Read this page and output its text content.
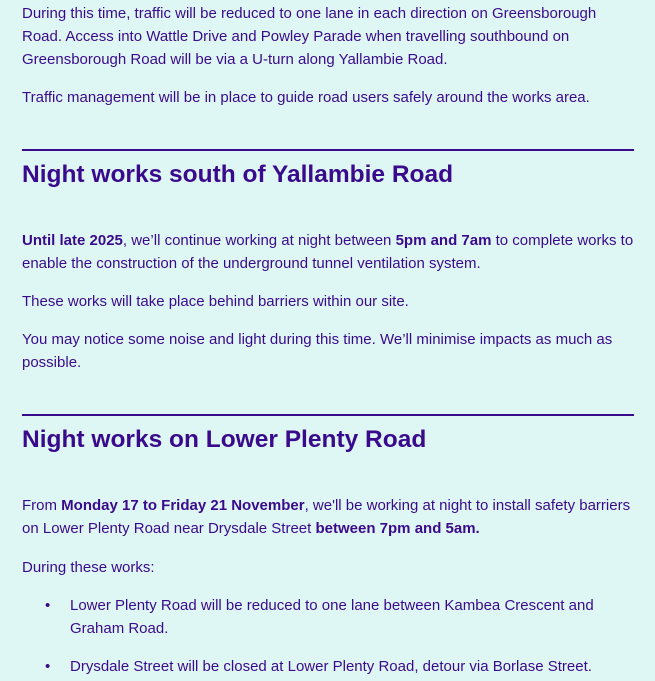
During this time, traffic will be reduced to one lane in each direction on Greensborough Road. Access into Wattle Drive and Powley Parade when travelling southbound on Greensborough Road will be via a U-turn along Yallambie Road.

Traffic management will be in place to guide road users safely around the works area.

Night works south of Yallambie Road

Until late 2025, we’ll continue working at night between 5pm and 7am to complete works to enable the construction of the underground tunnel ventilation system.

These works will take place behind barriers within our site.

You may notice some noise and light during this time. We’ll minimise impacts as much as possible.

Night works on Lower Plenty Road

From Monday 17 to Friday 21 November, we'll be working at night to install safety barriers on Lower Plenty Road near Drysdale Street between 7pm and 5am.

During these works:

• Lower Plenty Road will be reduced to one lane between Kambea Crescent and Graham Road.
• Drysdale Street will be closed at Lower Plenty Road, detour via Borlase Street.
